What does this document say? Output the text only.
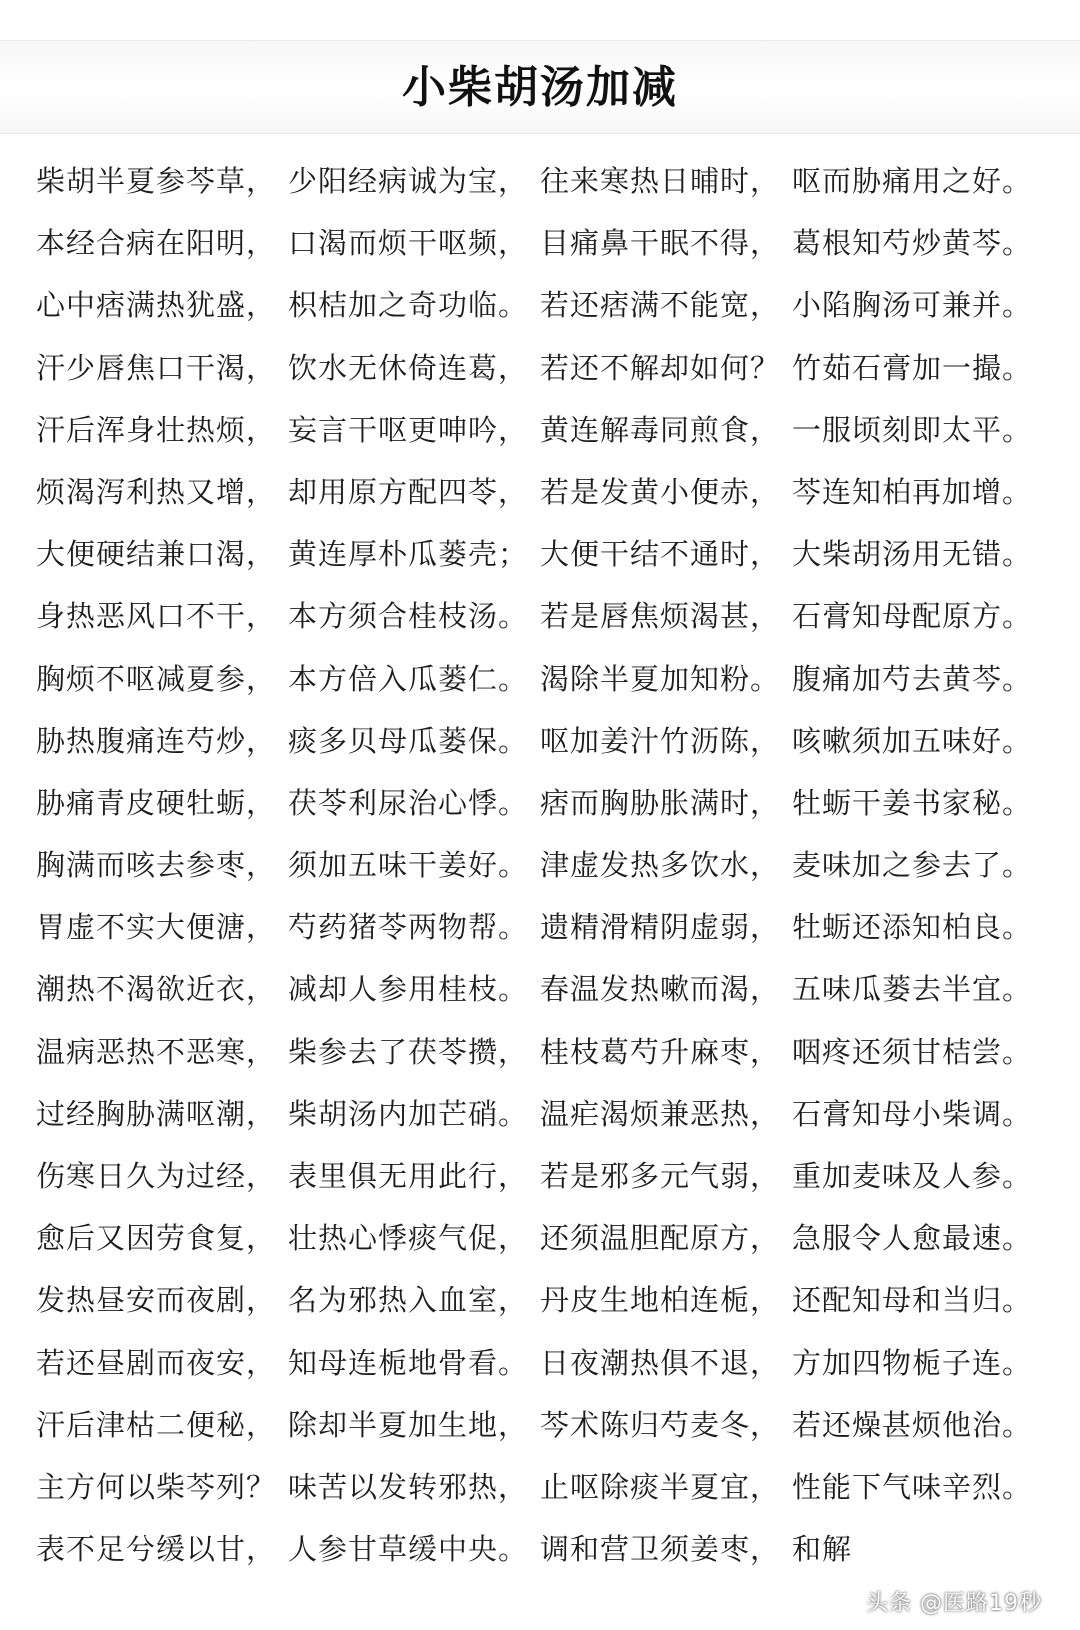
小柴胡汤加减
柴胡半夏参芩草， 少阳经病诚为宝， 往来寒热日晡时， 呕而胁痛用之好。
本经合病在阳明， 口渴而烦干呕频， 目痛鼻干眠不得， 葛根知芍炒黄芩。
心中痞满热犹盛， 枳桔加之奇功临。 若还痞满不能宽， 小陷胸汤可兼并。
汗少唇焦口干渴， 饮水无休倚连葛， 若还不解却如何？ 竹茹石膏加一撮。
汗后浑身壮热烦， 妄言干呕更呻吟， 黄连解毒同煎食， 一服顷刻即太平。
烦渴泻利热又增， 却用原方配四苓， 若是发黄小便赤， 芩连知柏再加增。
大便硬结兼口渴， 黄连厚朴瓜蒌壳； 大便干结不通时， 大柴胡汤用无错。
身热恶风口不干， 本方须合桂枝汤。 若是唇焦烦渴甚， 石膏知母配原方。
胸烦不呕减夏参， 本方倍入瓜蒌仁。 渴除半夏加知粉。 腹痛加芍去黄芩。
胁热腹痛连芍炒， 痰多贝母瓜蒌保。 呕加姜汁竹沥陈， 咳嗽须加五味好。
胁痛青皮硬牡蛎， 茯苓利尿治心悸。 痞而胸胁胀满时， 牡蛎干姜书家秘。
胸满而咳去参枣， 须加五味干姜好。 津虚发热多饮水， 麦味加之参去了。
胃虚不实大便溏， 芍药猪苓两物帮。 遗精滑精阴虚弱， 牡蛎还添知柏良。
潮热不渴欲近衣， 减却人参用桂枝。 春温发热嗽而渴， 五味瓜蒌去半宜。
温病恶热不恶寒， 柴参去了茯苓攒， 桂枝葛芍升麻枣， 咽疼还须甘桔尝。
过经胸胁满呕潮， 柴胡汤内加芒硝。 温疟渴烦兼恶热， 石膏知母小柴调。
伤寒日久为过经， 表里俱无用此行， 若是邪多元气弱， 重加麦味及人参。
愈后又因劳食复， 壮热心悸痰气促， 还须温胆配原方， 急服令人愈最速。
发热昼安而夜剧， 名为邪热入血室， 丹皮生地柏连栀， 还配知母和当归。
若还昼剧而夜安， 知母连栀地骨看。 日夜潮热俱不退， 方加四物栀子连。
汗后津枯二便秘， 除却半夏加生地， 芩术陈归芍麦冬， 若还燥甚烦他治。
主方何以柴芩列？ 味苦以发转邪热， 止呕除痰半夏宜， 性能下气味辛烈。
表不足兮缓以甘， 人参甘草缓中央。 调和营卫须姜枣， 和解
头条 @医路19秒
